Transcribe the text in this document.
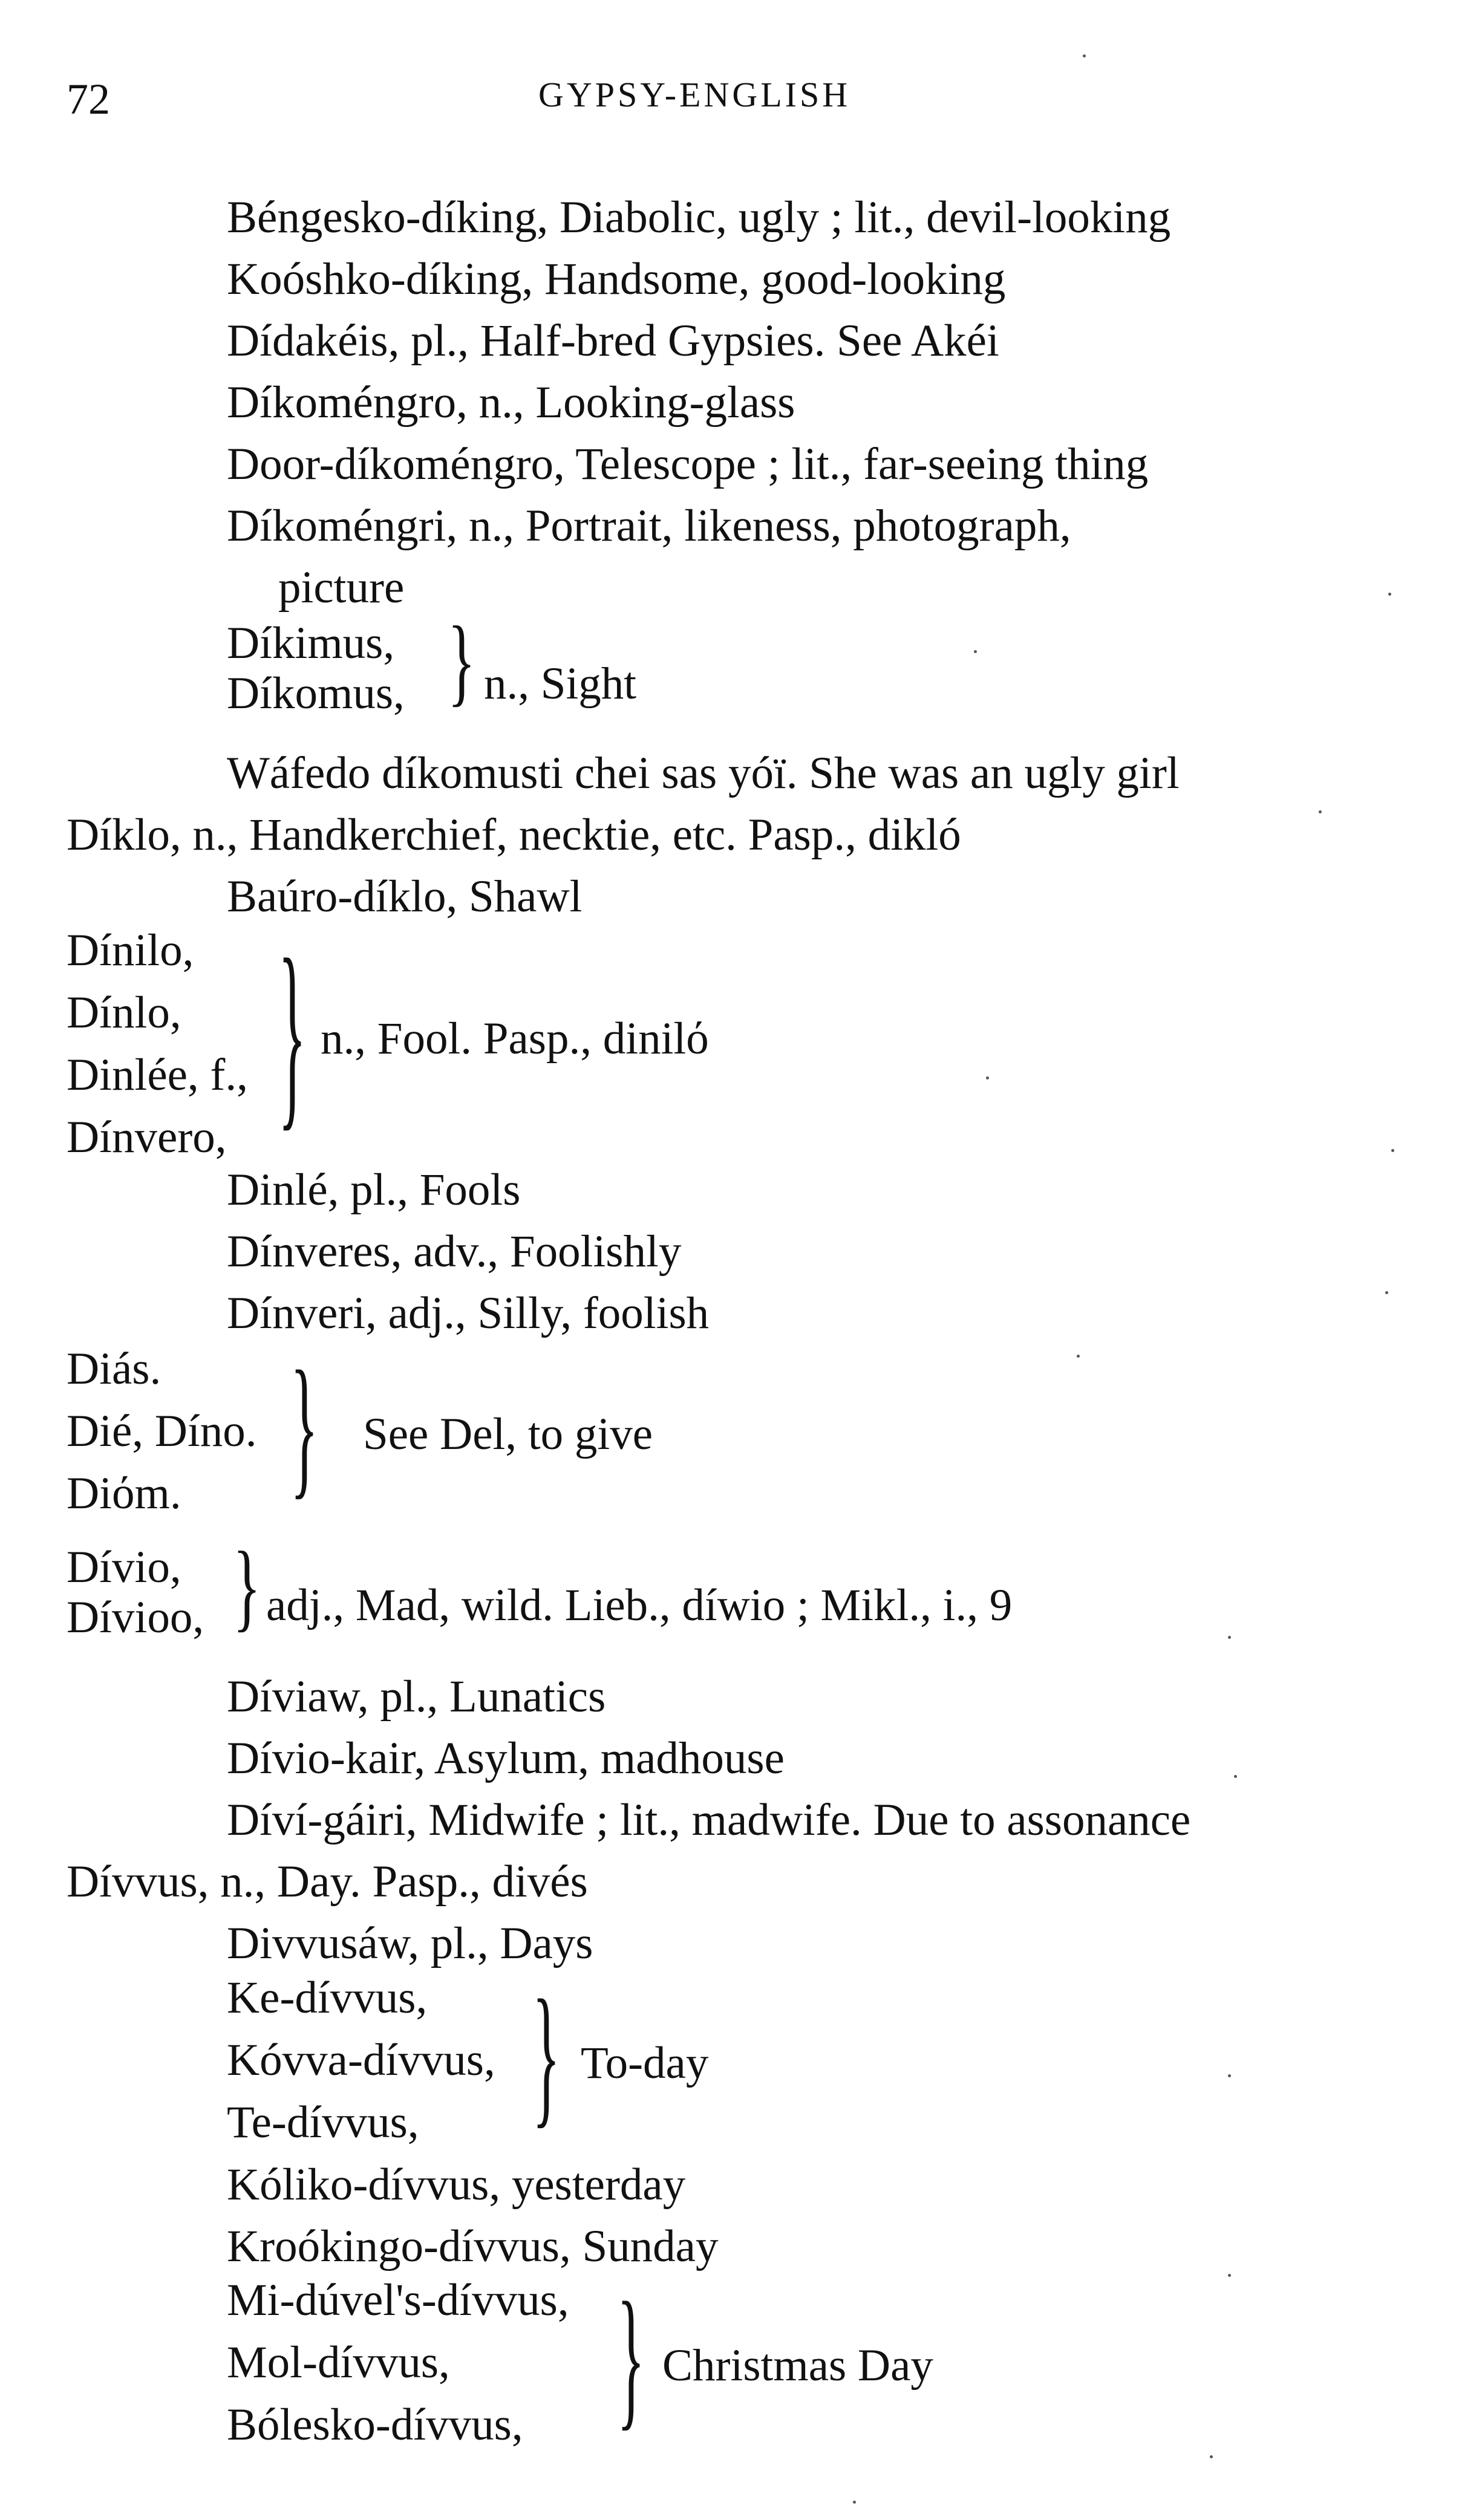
72	GYPSY-ENGLISH
Béngesko-díking, Diabolic, ugly ; lit., devil-looking
Koóshko-díking, Handsome, good-looking
Dídakéis, pl., Half-bred Gypsies. See Akéi
Díkoméngro, n., Looking-glass
Door-díkoméngro, Telescope ; lit., far-seeing thing
Díkoméngri, n., Portrait, likeness, photograph,
picture
Díkimus,
Díkomus, } n., Sight
Wáfedo díkomusti chei sas yóï. She was an ugly girl
Díklo, n., Handkerchief, necktie, etc. Pasp., dikló
Baúro-díklo, Shawl
Dínilo,
Dínlo,
Dinlée, f.,
Dínvero, } n., Fool. Pasp., dinilό
Dinlé, pl., Fools
Dínveres, adv., Foolishly
Dínveri, adj., Silly, foolish
Diás.
Dié, Díno.
Diόm.	} See Del, to give
Dívio,
Dívioo, } adj., Mad, wild. Lieb., díwio ; Mikl., i., 9
Díviaw, pl., Lunatics
Dívio-kair, Asylum, madhouse
Díví-gáiri, Midwife ; lit., madwife. Due to assonance
Dívvus, n., Day. Pasp., divés
Divvusáw, pl., Days
Ke-dívvus,
Kóvva-dívvus,
Te-dívvus,	} To-day
Kóliko-dívvus, yesterday
Kroókingo-dívvus, Sunday
Mi-dúvel's-dívvus,
Mol-dívvus,
Bólesko-dívvus,	} Christmas Day
